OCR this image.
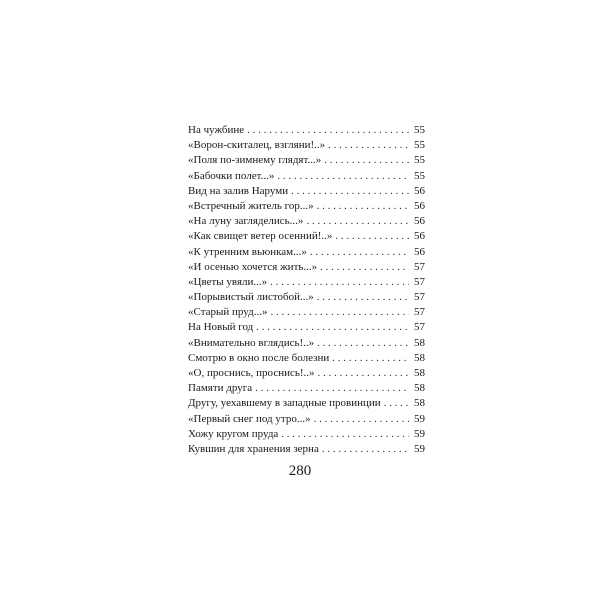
На чужбине . . .	55
«Ворон-скиталец, взгляни!..» . . .	55
«Поля по-зимнему глядят...» . . .	55
«Бабочки полет...» . . .	55
Вид на залив Наруми . . .	56
«Встречный житель гор...» . . .	56
«На луну загляделись...» . . .	56
«Как свищет ветер осенний!..» . . .	56
«К утренним вьюнкам...» . . .	56
«И осенью хочется жить...» . . .	57
«Цветы увяли...» . . .	57
«Порывистый листобой...» . . .	57
«Старый пруд...» . . .	57
На Новый год . . .	57
«Внимательно вглядись!..» . . .	58
Смотрю в окно после болезни . . .	58
«О, проснись, проснись!..» . . .	58
Памяти друга . . .	58
Другу, уехавшему в западные провинции . . .	58
«Первый снег под утро...» . . .	59
Хожу кругом пруда . . .	59
Кувшин для хранения зерна . . .	59
280
